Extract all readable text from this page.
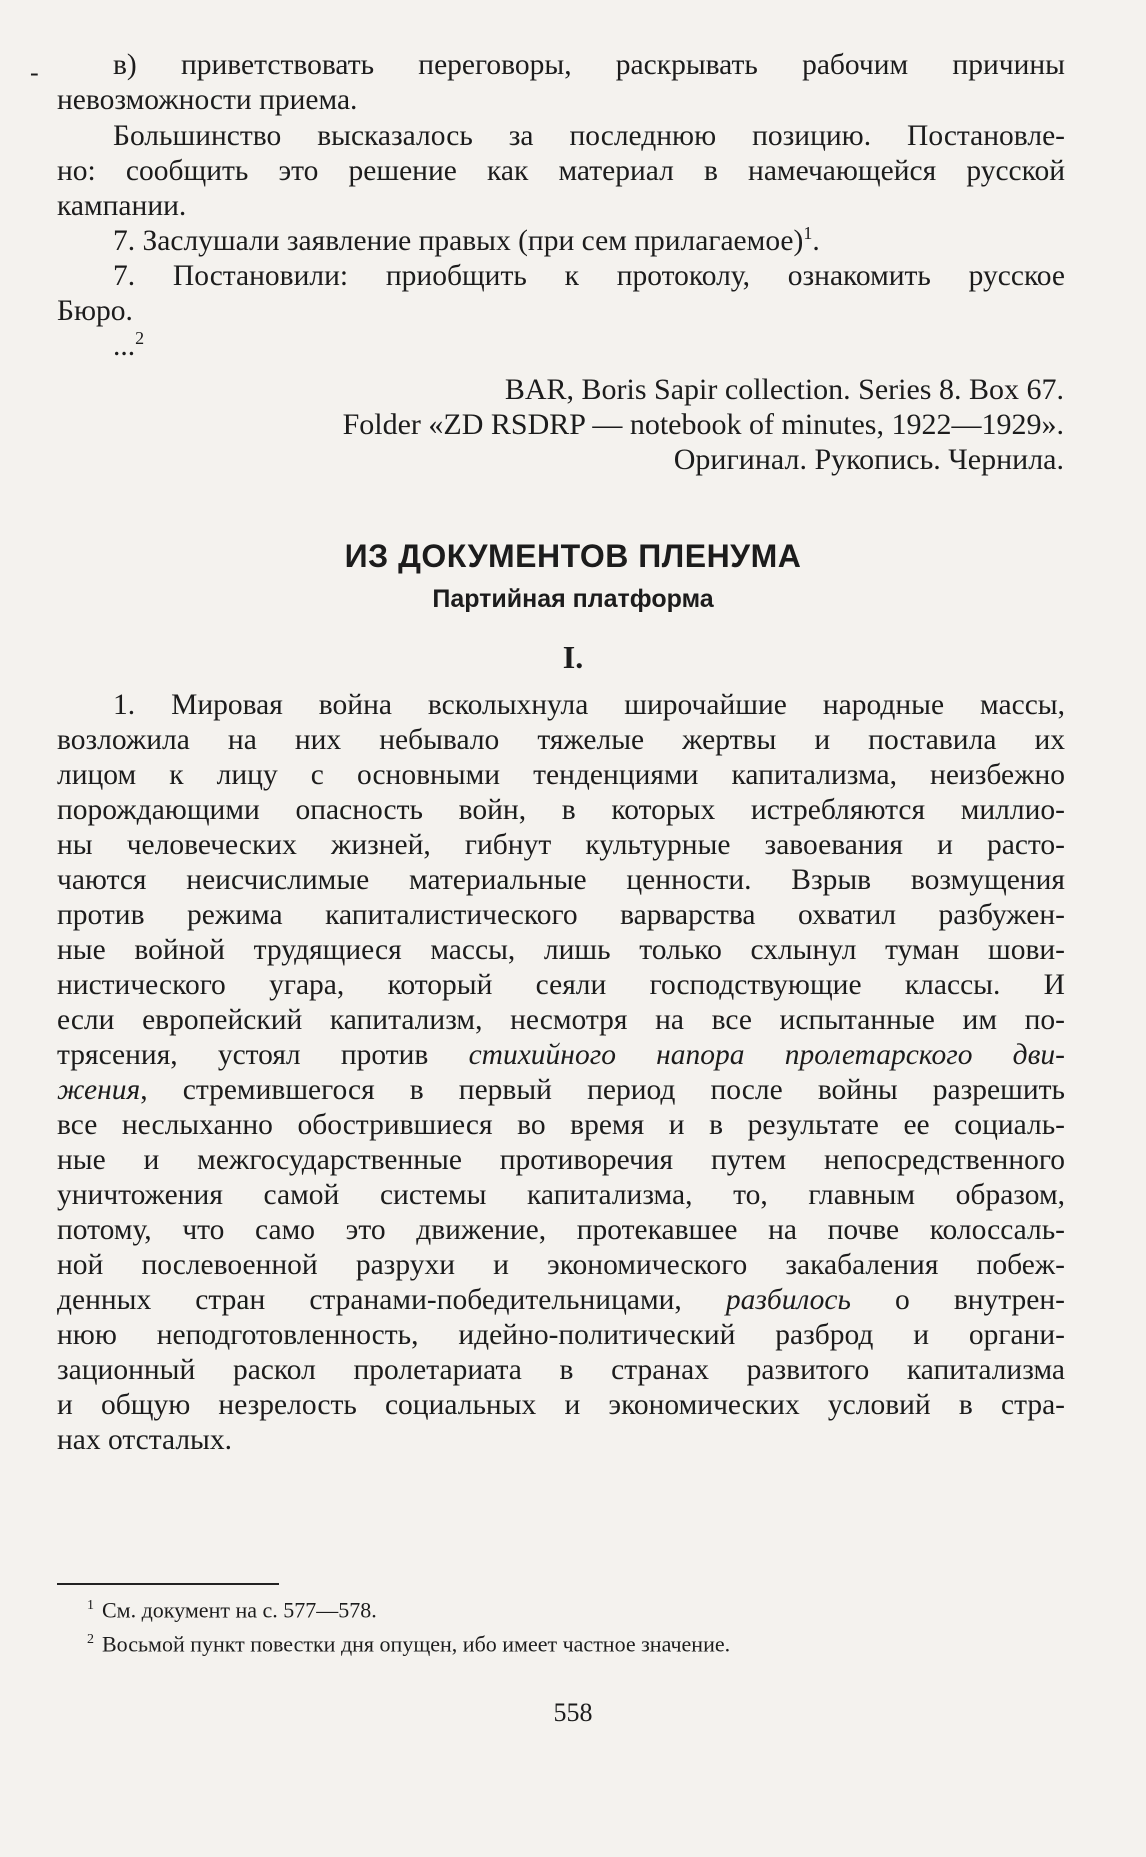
-	в) приветствовать переговоры, раскрывать рабочим причины
невозможности приема.
Большинство высказалось за последнюю позицию. Постановле-
но: сообщить это решение как материал в намечающейся русской
кампании.
7. Заслушали заявление правых (при сем прилагаемое)$^1$.
7. Постановили: приобщить к протоколу, ознакомить русское
Бюро.
...$^2$
BAR, Boris Sapir collection. Series 8. Box 67.
Folder «ZD RSDRP — notebook of minutes, 1922—1929».
Оригинал. Рукопись. Чернила.
ИЗ ДОКУМЕНТОВ ПЛЕНУМА
Партийная платформа
I.
1. Мировая война всколыхнула широчайшие народные массы,
возложила на них небывало тяжелые жертвы и поставила их
лицом к лицу с основными тенденциями капитализма, неизбежно
порождающими опасность войн, в которых истребляются миллио-
ны человеческих жизней, гибнут культурные завоевания и расто-
чаются неисчислимые материальные ценности. Взрыв возмущения
против режима капиталистического варварства охватил разбужен-
ные войной трудящиеся массы, лишь только схлынул туман шови-
нистического угара, который сеяли господствующие классы. И
если европейский капитализм, несмотря на все испытанные им по-
трясения, устоял против стихийного напора пролетарского дви-
жения, стремившегося в первый период после войны разрешить
все неслыханно обострившиеся во время и в результате ее социаль-
ные и межгосударственные противоречия путем непосредственного
уничтожения самой системы капитализма, то, главным образом,
потому, что само это движение, протекавшее на почве колоссаль-
ной послевоенной разрухи и экономического закабаления побеж-
денных стран странами-победительницами, разбилось о внутрен-
нюю неподготовленность, идейно-политический разброд и органи-
зационный раскол пролетариата в странах развитого капитализма
и общую незрелость социальных и экономических условий в стра-
нах отсталых.
$^1$ См. документ на с. 577—578.
$^2$ Восьмой пункт повестки дня опущен, ибо имеет частное значение.
558
